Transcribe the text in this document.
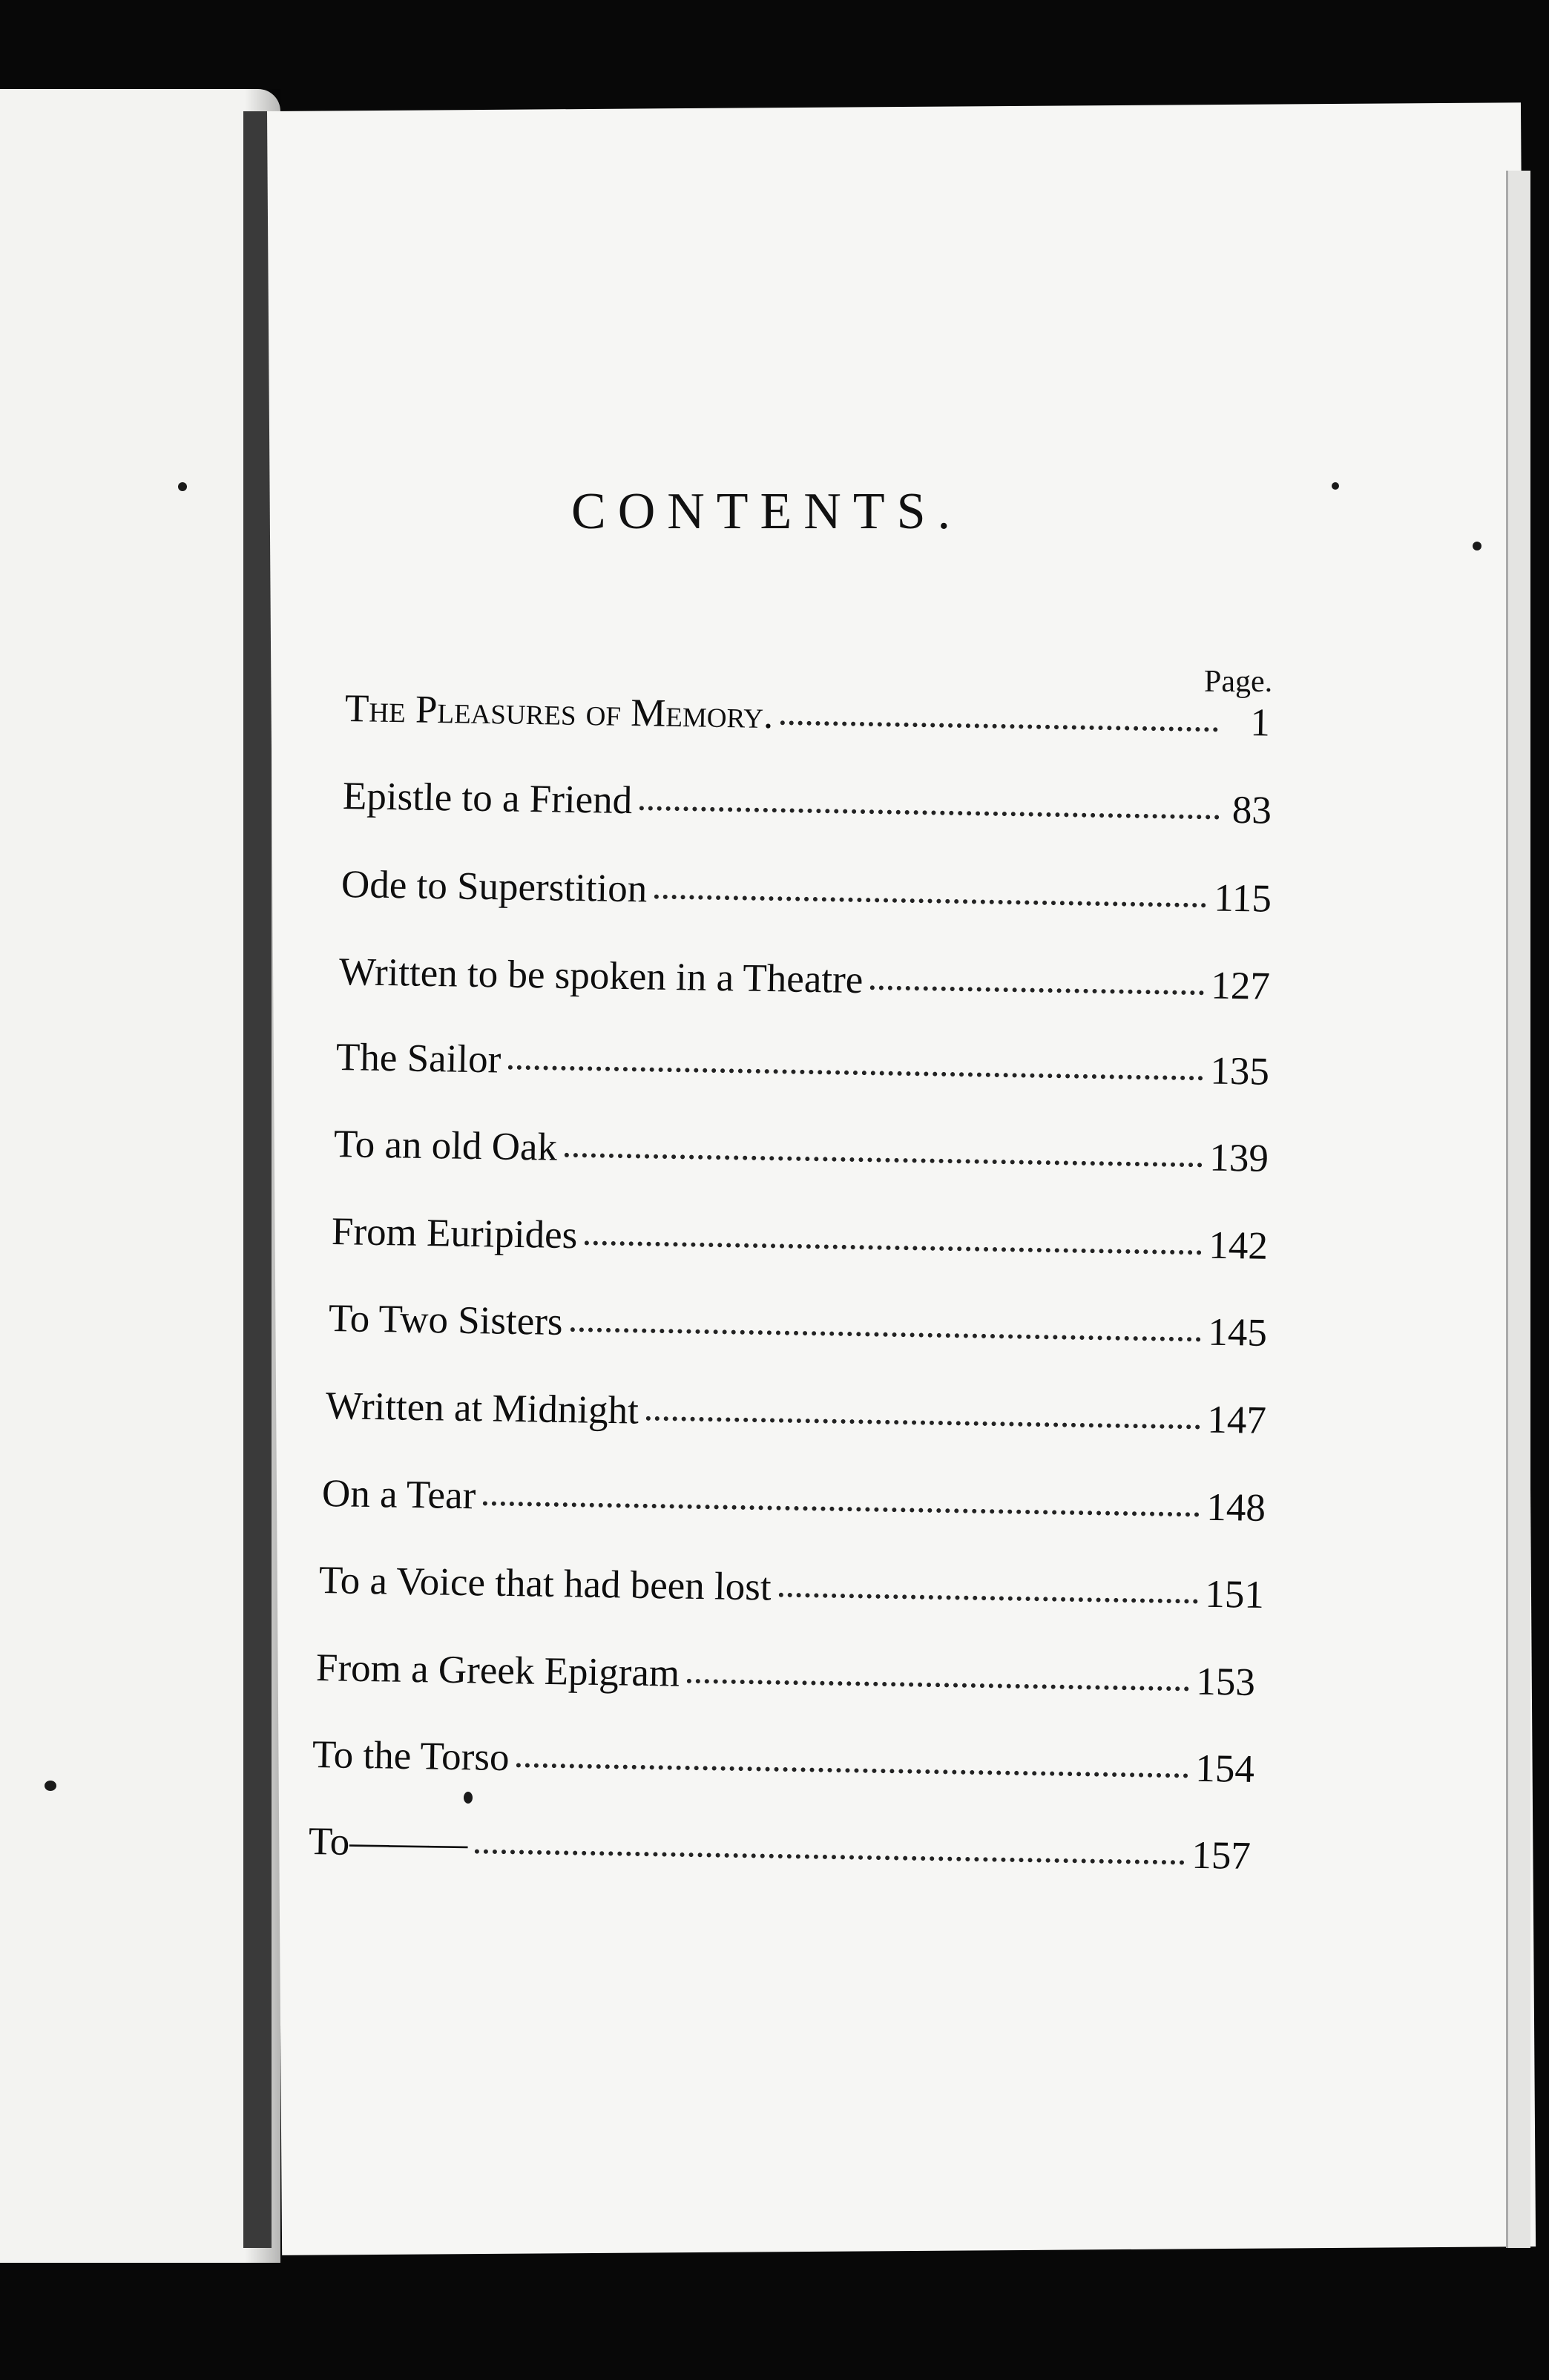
CONTENTS.
Page.
The Pleasures of Memory.	1
Epistle to a Friend	83
Ode to Superstition	115
Written to be spoken in a Theatre	127
The Sailor	135
To an old Oak	139
From Euripides	142
To Two Sisters	145
Written at Midnight	147
On a Tear	148
To a Voice that had been lost	151
From a Greek Epigram	153
To the Torso	154
To———	157
